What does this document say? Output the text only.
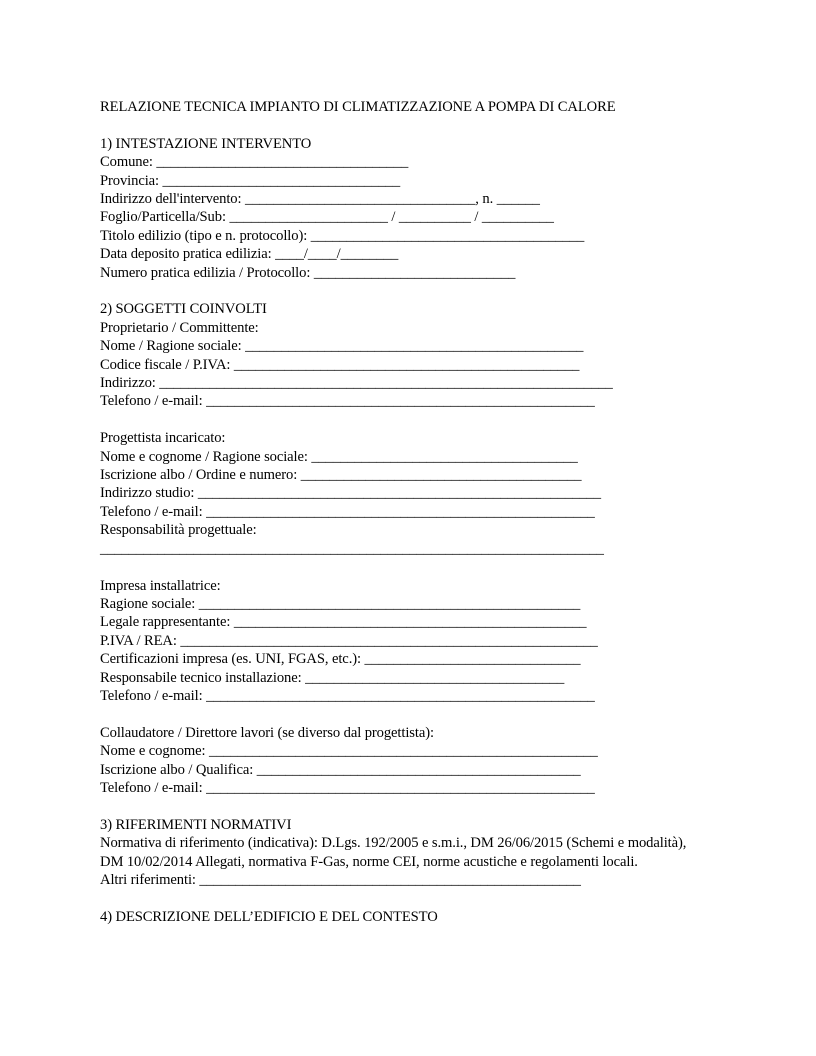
RELAZIONE TECNICA IMPIANTO DI CLIMATIZZAZIONE A POMPA DI CALORE
1) INTESTAZIONE INTERVENTO
Comune: ___________________________________
Provincia: _________________________________
Indirizzo dell'intervento: ________________________________, n. ______
Foglio/Particella/Sub: ______________________ / __________ / __________
Titolo edilizio (tipo e n. protocollo): ______________________________________
Data deposito pratica edilizia: ____/____/________
Numero pratica edilizia / Protocollo: ____________________________
2) SOGGETTI COINVOLTI
Proprietario / Committente:
Nome / Ragione sociale: _______________________________________________
Codice fiscale / P.IVA: ________________________________________________
Indirizzo: _______________________________________________________________
Telefono / e-mail: ______________________________________________________
Progettista incaricato:
Nome e cognome / Ragione sociale: _____________________________________
Iscrizione albo / Ordine e numero: _______________________________________
Indirizzo studio: ________________________________________________________
Telefono / e-mail: ______________________________________________________
Responsabilità progettuale:
______________________________________________________________________
Impresa installatrice:
Ragione sociale: _____________________________________________________
Legale rappresentante: _________________________________________________
P.IVA / REA: __________________________________________________________
Certificazioni impresa (es. UNI, FGAS, etc.): ______________________________
Responsabile tecnico installazione: ____________________________________
Telefono / e-mail: ______________________________________________________
Collaudatore / Direttore lavori (se diverso dal progettista):
Nome e cognome: ______________________________________________________
Iscrizione albo / Qualifica: _____________________________________________
Telefono / e-mail: ______________________________________________________
3) RIFERIMENTI NORMATIVI
Normativa di riferimento (indicativa): D.Lgs. 192/2005 e s.m.i., DM 26/06/2015 (Schemi e modalità), DM 10/02/2014 Allegati, normativa F-Gas, norme CEI, norme acustiche e regolamenti locali.
Altri riferimenti: _____________________________________________________
4) DESCRIZIONE DELL’EDIFICIO E DEL CONTESTO
